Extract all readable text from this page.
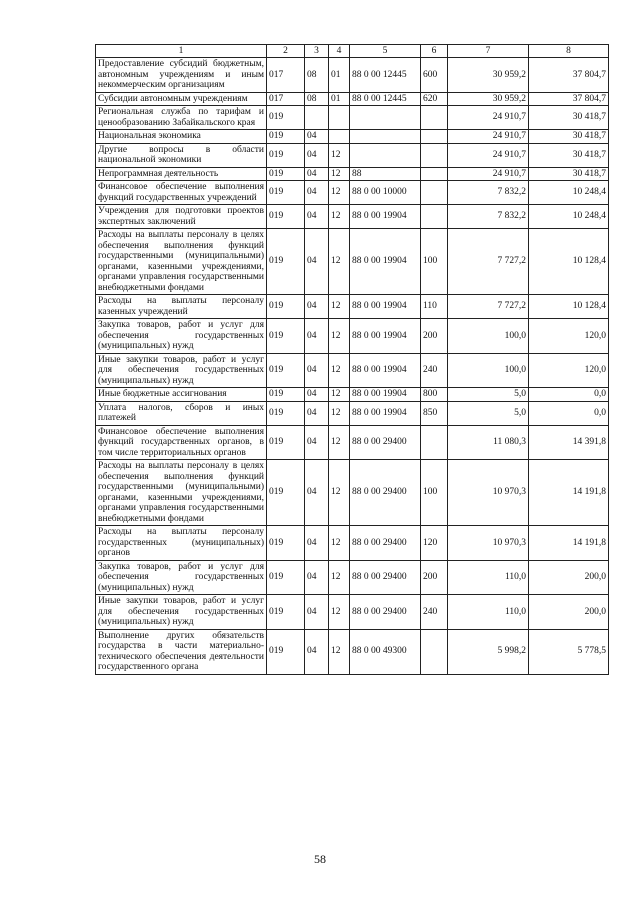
1	2	3	4	5	6	7	8
Предоставление субсидий бюджетным, автономным учреждениям и иным некоммерческим организациям	017	08	01	88 0 00 12445	600	30 959,2	37 804,7
Субсидии автономным учреждениям	017	08	01	88 0 00 12445	620	30 959,2	37 804,7
Региональная служба по тарифам и ценообразованию Забайкальского края	019					24 910,7	30 418,7
Национальная экономика	019	04				24 910,7	30 418,7
Другие вопросы в области национальной экономики	019	04	12			24 910,7	30 418,7
Непрограммная деятельность	019	04	12	88		24 910,7	30 418,7
Финансовое обеспечение выполнения функций государственных учреждений	019	04	12	88 0 00 10000		7 832,2	10 248,4
Учреждения для подготовки проектов экспертных заключений	019	04	12	88 0 00 19904		7 832,2	10 248,4
Расходы на выплаты персоналу в целях обеспечения выполнения функций государственными (муниципальными) органами, казенными учреждениями, органами управления государственными внебюджетными фондами	019	04	12	88 0 00 19904	100	7 727,2	10 128,4
Расходы на выплаты персоналу казенных учреждений	019	04	12	88 0 00 19904	110	7 727,2	10 128,4
Закупка товаров, работ и услуг для обеспечения государственных (муниципальных) нужд	019	04	12	88 0 00 19904	200	100,0	120,0
Иные закупки товаров, работ и услуг для обеспечения государственных (муниципальных) нужд	019	04	12	88 0 00 19904	240	100,0	120,0
Иные бюджетные ассигнования	019	04	12	88 0 00 19904	800	5,0	0,0
Уплата налогов, сборов и иных платежей	019	04	12	88 0 00 19904	850	5,0	0,0
Финансовое обеспечение выполнения функций государственных органов, в том числе территориальных органов	019	04	12	88 0 00 29400		11 080,3	14 391,8
Расходы на выплаты персоналу в целях обеспечения выполнения функций государственными (муниципальными) органами, казенными учреждениями, органами управления государственными внебюджетными фондами	019	04	12	88 0 00 29400	100	10 970,3	14 191,8
Расходы на выплаты персоналу государственных (муниципальных) органов	019	04	12	88 0 00 29400	120	10 970,3	14 191,8
Закупка товаров, работ и услуг для обеспечения государственных (муниципальных) нужд	019	04	12	88 0 00 29400	200	110,0	200,0
Иные закупки товаров, работ и услуг для обеспечения государственных (муниципальных) нужд	019	04	12	88 0 00 29400	240	110,0	200,0
Выполнение других обязательств государства в части материально-технического обеспечения деятельности государственного органа	019	04	12	88 0 00 49300		5 998,2	5 778,5
58
